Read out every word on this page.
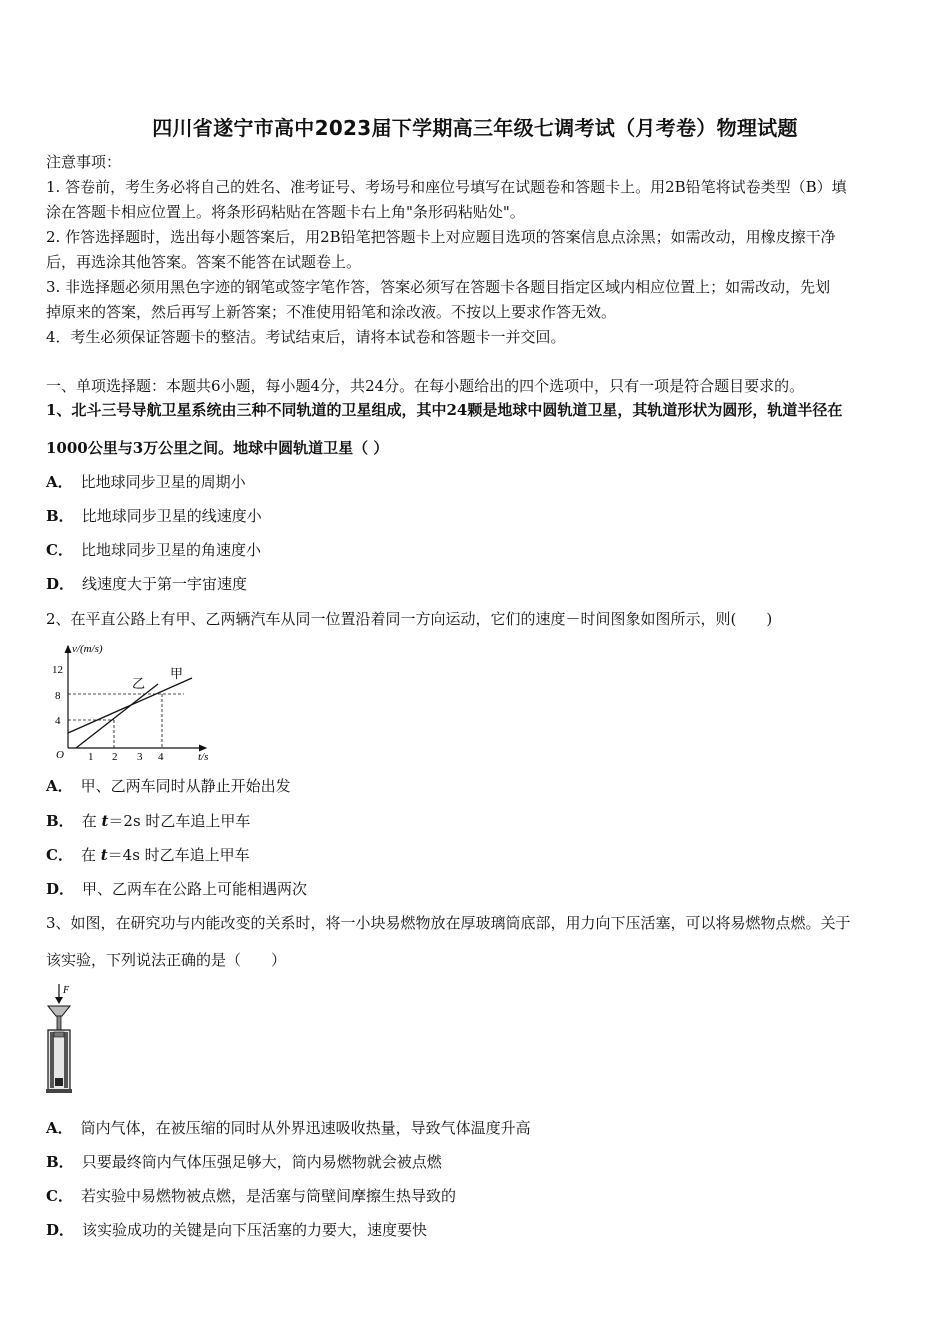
四川省遂宁市高中2023届下学期高三年级七调考试（月考卷）物理试题
注意事项：
1. 答卷前，考生务必将自己的姓名、准考证号、考场号和座位号填写在试题卷和答题卡上。用2B铅笔将试卷类型（B）填
涂在答题卡相应位置上。将条形码粘贴在答题卡右上角"条形码粘贴处"。
2. 作答选择题时，选出每小题答案后，用2B铅笔把答题卡上对应题目选项的答案信息点涂黑；如需改动，用橡皮擦干净
后，再选涂其他答案。答案不能答在试题卷上。
3. 非选择题必须用黑色字迹的钢笔或签字笔作答，答案必须写在答题卡各题目指定区域内相应位置上；如需改动，先划
掉原来的答案，然后再写上新答案；不准使用铅笔和涂改液。不按以上要求作答无效。
4．考生必须保证答题卡的整洁。考试结束后，请将本试卷和答题卡一并交回。
一、单项选择题：本题共6小题，每小题4分，共24分。在每小题给出的四个选项中，只有一项是符合题目要求的。
1、北斗三号导航卫星系统由三种不同轨道的卫星组成，其中24颗是地球中圆轨道卫星，其轨道形状为圆形，轨道半径在
1000公里与3万公里之间。地球中圆轨道卫星（ ）
A． 比地球同步卫星的周期小
B． 比地球同步卫星的线速度小
C． 比地球同步卫星的角速度小
D． 线速度大于第一宇宙速度
2、在平直公路上有甲、乙两辆汽车从同一位置沿着同一方向运动，它们的速度－时间图象如图所示，则(　　)
v/(m/s)
t/s
O
12
8
4
1 2 3 4
乙
甲
A． 甲、乙两车同时从静止开始出发
B． 在 t＝2s 时乙车追上甲车
C． 在 t＝4s 时乙车追上甲车
D． 甲、乙两车在公路上可能相遇两次
3、如图，在研究功与内能改变的关系时，将一小块易燃物放在厚玻璃筒底部，用力向下压活塞，可以将易燃物点燃。关于
该实验，下列说法正确的是（　　）
F
A． 筒内气体，在被压缩的同时从外界迅速吸收热量，导致气体温度升高
B． 只要最终筒内气体压强足够大，筒内易燃物就会被点燃
C． 若实验中易燃物被点燃，是活塞与筒壁间摩擦生热导致的
D． 该实验成功的关键是向下压活塞的力要大，速度要快
